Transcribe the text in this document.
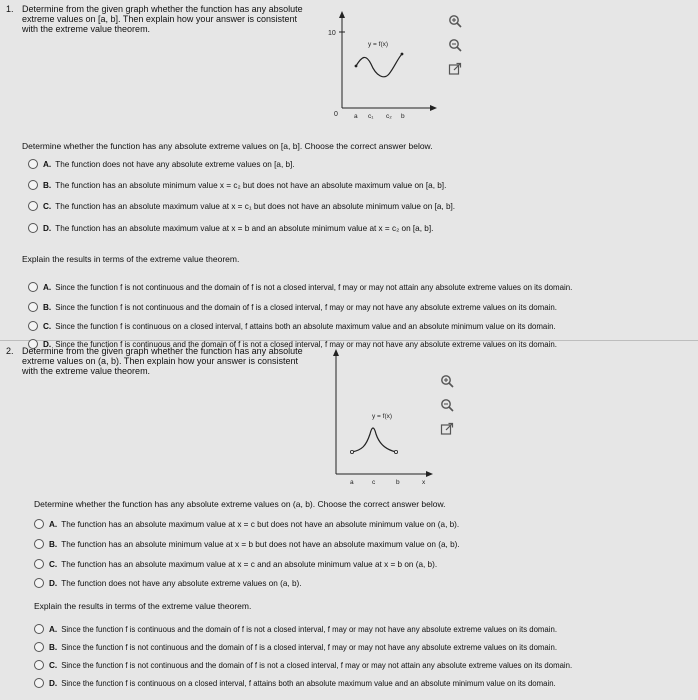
1. Determine from the given graph whether the function has any absolute extreme values on [a, b]. Then explain how your answer is consistent with the extreme value theorem.	10
0
y = f(x)
a c₁ c₂ b
Determine whether the function has any absolute extreme values on [a, b]. Choose the correct answer below.
A. The function does not have any absolute extreme values on [a, b].
B. The function has an absolute minimum value x = c₂ but does not have an absolute maximum value on [a, b].
C. The function has an absolute maximum value at x = c₁ but does not have an absolute minimum value on [a, b].
D. The function has an absolute maximum value at x = b and an absolute minimum value at x = c₂ on [a, b].
Explain the results in terms of the extreme value theorem.
A. Since the function f is not continuous and the domain of f is not a closed interval, f may or may not attain any absolute extreme values on its domain.
B. Since the function f is not continuous and the domain of f is a closed interval, f may or may not have any absolute extreme values on its domain.
C. Since the function f is continuous on a closed interval, f attains both an absolute maximum value and an absolute minimum value on its domain.
D. Since the function f is continuous and the domain of f is not a closed interval, f may or may not have any absolute extreme values on its domain.
2. Determine from the given graph whether the function has any absolute extreme values on (a, b). Then explain how your answer is consistent with the extreme value theorem.
y = f(x)
a	c	b	x
Determine whether the function has any absolute extreme values on (a, b). Choose the correct answer below.
A. The function has an absolute maximum value at x = c but does not have an absolute minimum value on (a, b).
B. The function has an absolute minimum value at x = b but does not have an absolute maximum value on (a, b).
C. The function has an absolute maximum value at x = c and an absolute minimum value at x = b on (a, b).
D. The function does not have any absolute extreme values on (a, b).
Explain the results in terms of the extreme value theorem.
A. Since the function f is continuous and the domain of f is not a closed interval, f may or may not have any absolute extreme values on its domain.
B. Since the function f is not continuous and the domain of f is a closed interval, f may or may not have any absolute extreme values on its domain.
C. Since the function f is not continuous and the domain of f is not a closed interval, f may or may not attain any absolute extreme values on its domain.
D. Since the function f is continuous on a closed interval, f attains both an absolute maximum value and an absolute minimum value on its domain.
